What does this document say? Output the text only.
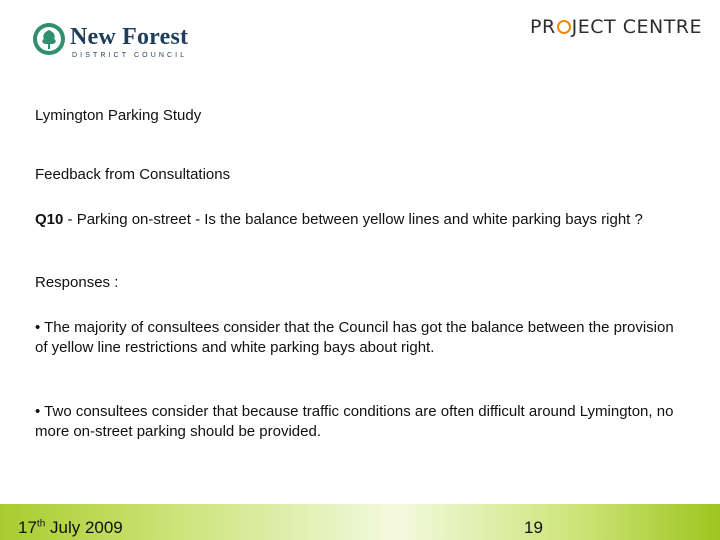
New Forest
DISTRICT COUNCIL
PR JECT
CENTRE
Lymington Parking Study
Feedback from Consultations
Q10 - Parking on-street - Is the balance between yellow lines and white parking bays right ?
Responses :
• The majority of consultees consider that the Council has got the balance between the provision of yellow line restrictions and white parking bays about right.
• Two consultees consider that because traffic conditions are often difficult around Lymington, no more on-street parking should be provided.
17th July 2009	19
